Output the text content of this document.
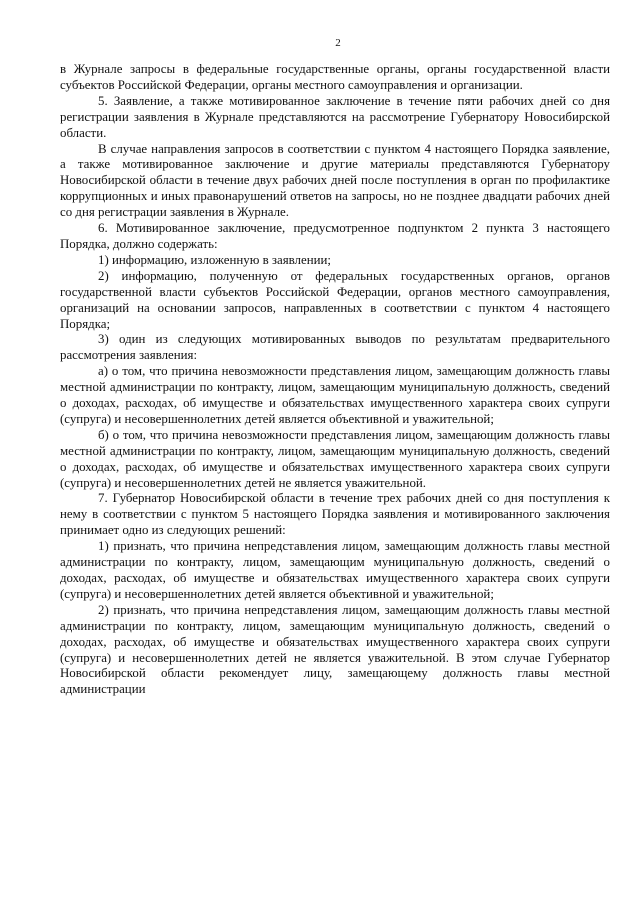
2

в Журнале запросы в федеральные государственные органы, органы государственной власти субъектов Российской Федерации, органы местного самоуправления и организации.

5. Заявление, а также мотивированное заключение в течение пяти рабочих дней со дня регистрации заявления в Журнале представляются на рассмотрение Губернатору Новосибирской области.

В случае направления запросов в соответствии с пунктом 4 настоящего Порядка заявление, а также мотивированное заключение и другие материалы представляются Губернатору Новосибирской области в течение двух рабочих дней после поступления в орган по профилактике коррупционных и иных правонарушений ответов на запросы, но не позднее двадцати рабочих дней со дня регистрации заявления в Журнале.

6. Мотивированное заключение, предусмотренное подпунктом 2 пункта 3 настоящего Порядка, должно содержать:

1) информацию, изложенную в заявлении;

2) информацию, полученную от федеральных государственных органов, органов государственной власти субъектов Российской Федерации, органов местного самоуправления, организаций на основании запросов, направленных в соответствии с пунктом 4 настоящего Порядка;

3) один из следующих мотивированных выводов по результатам предварительного рассмотрения заявления:

а) о том, что причина невозможности представления лицом, замещающим должность главы местной администрации по контракту, лицом, замещающим муниципальную должность, сведений о доходах, расходах, об имуществе и обязательствах имущественного характера своих супруги (супруга) и несовершеннолетних детей является объективной и уважительной;

б) о том, что причина невозможности представления лицом, замещающим должность главы местной администрации по контракту, лицом, замещающим муниципальную должность, сведений о доходах, расходах, об имуществе и обязательствах имущественного характера своих супруги (супруга) и несовершеннолетних детей не является уважительной.

7. Губернатор Новосибирской области в течение трех рабочих дней со дня поступления к нему в соответствии с пунктом 5 настоящего Порядка заявления и мотивированного заключения принимает одно из следующих решений:

1) признать, что причина непредставления лицом, замещающим должность главы местной администрации по контракту, лицом, замещающим муниципальную должность, сведений о доходах, расходах, об имуществе и обязательствах имущественного характера своих супруги (супруга) и несовершеннолетних детей является объективной и уважительной;

2) признать, что причина непредставления лицом, замещающим должность главы местной администрации по контракту, лицом, замещающим муниципальную должность, сведений о доходах, расходах, об имуществе и обязательствах имущественного характера своих супруги (супруга) и несовершеннолетних детей не является уважительной. В этом случае Губернатор Новосибирской области рекомендует лицу, замещающему должность главы местной администрации
